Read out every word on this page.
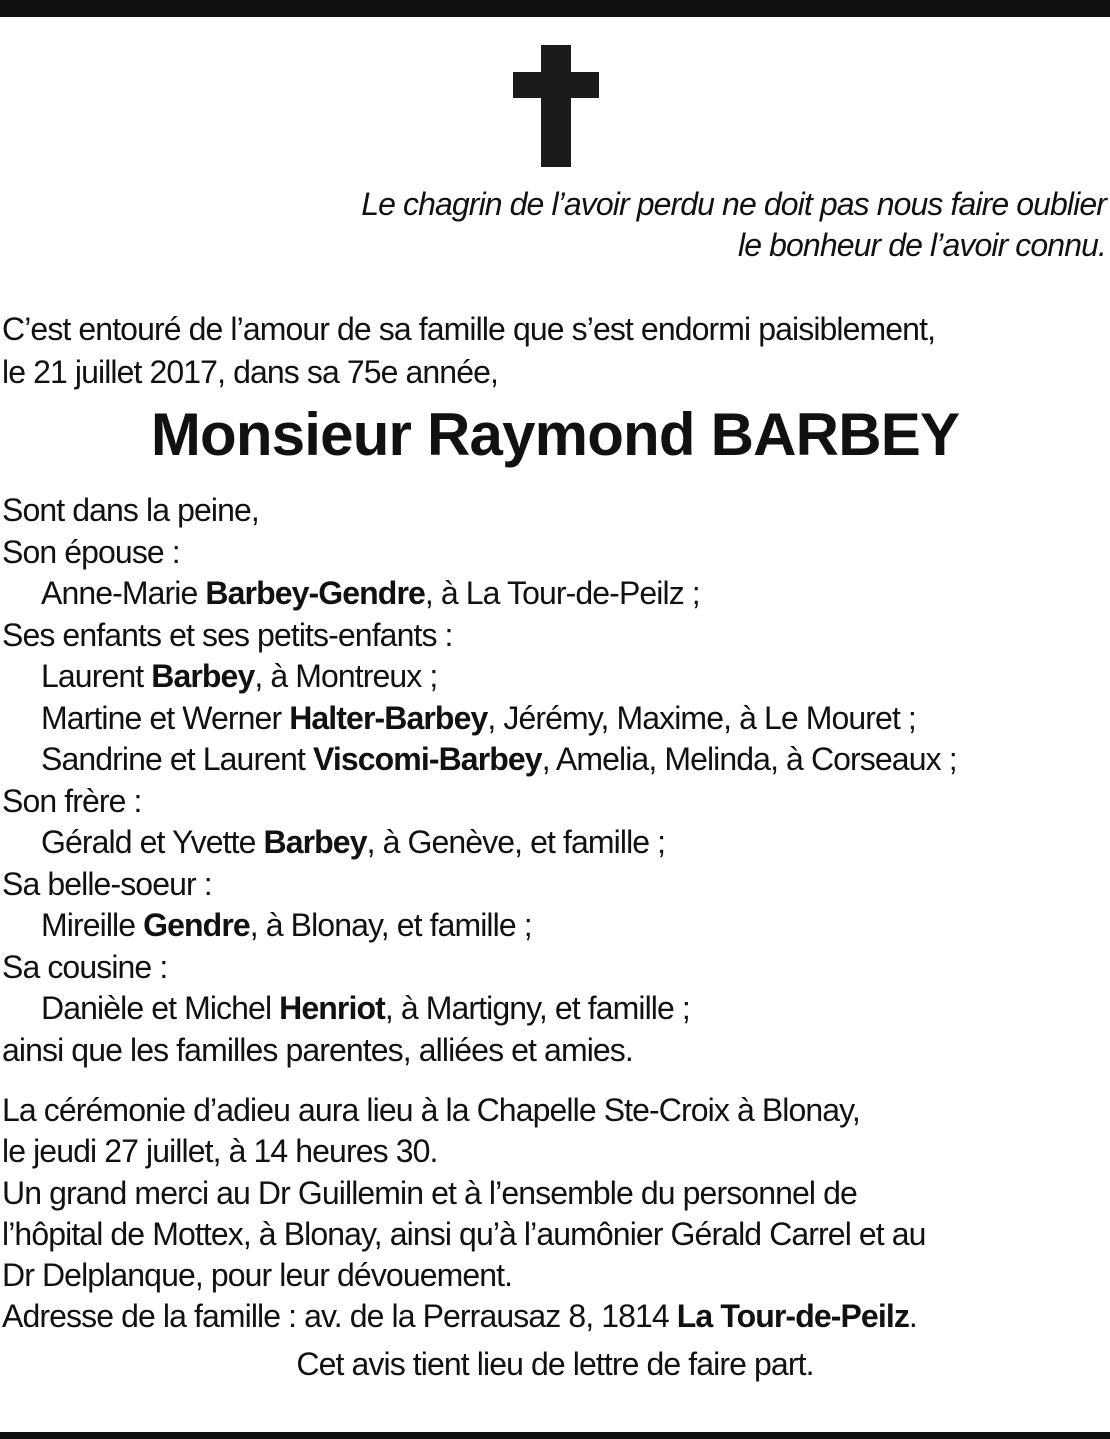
Le chagrin de l’avoir perdu ne doit pas nous faire oublier
le bonheur de l’avoir connu.
C’est entouré de l’amour de sa famille que s’est endormi paisiblement,
le 21 juillet 2017, dans sa 75e année,
Monsieur Raymond BARBEY
Sont dans la peine,
Son épouse :
Anne-Marie Barbey-Gendre, à La Tour-de-Peilz ;
Ses enfants et ses petits-enfants :
Laurent Barbey, à Montreux ;
Martine et Werner Halter-Barbey, Jérémy, Maxime, à Le Mouret ;
Sandrine et Laurent Viscomi-Barbey, Amelia, Melinda, à Corseaux ;
Son frère :
Gérald et Yvette Barbey, à Genève, et famille ;
Sa belle-soeur :
Mireille Gendre, à Blonay, et famille ;
Sa cousine :
Danièle et Michel Henriot, à Martigny, et famille ;
ainsi que les familles parentes, alliées et amies.
La cérémonie d’adieu aura lieu à la Chapelle Ste-Croix à Blonay,
le jeudi 27 juillet, à 14 heures 30.
Un grand merci au Dr Guillemin et à l’ensemble du personnel de
l’hôpital de Mottex, à Blonay, ainsi qu’à l’aumônier Gérald Carrel et au
Dr Delplanque, pour leur dévouement.
Adresse de la famille : av. de la Perrausaz 8, 1814 La Tour-de-Peilz.
Cet avis tient lieu de lettre de faire part.
